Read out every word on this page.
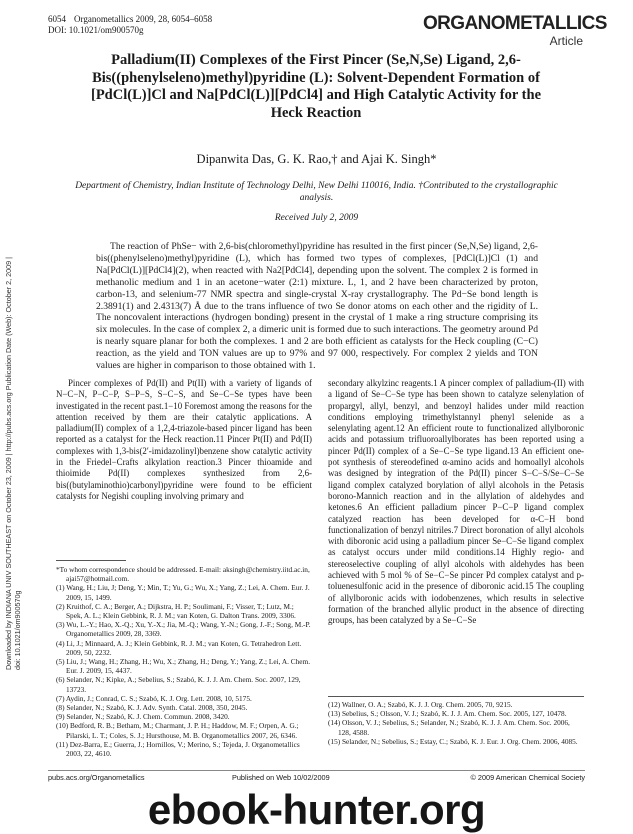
6054 Organometallics 2009, 28, 6054–6058
DOI: 10.1021/om900570g	ORGANOMETALLICS
Article
Palladium(II) Complexes of the First Pincer (Se,N,Se) Ligand, 2,6-Bis((phenylseleno)methyl)pyridine (L): Solvent-Dependent Formation of [PdCl(L)]Cl and Na[PdCl(L)][PdCl4] and High Catalytic Activity for the Heck Reaction
Dipanwita Das, G. K. Rao,† and Ajai K. Singh*
Department of Chemistry, Indian Institute of Technology Delhi, New Delhi 110016, India. †Contributed to the crystallographic analysis.
Received July 2, 2009
The reaction of PhSe− with 2,6-bis(chloromethyl)pyridine has resulted in the first pincer (Se,N,Se) ligand, 2,6-bis((phenylseleno)methyl)pyridine (L), which has formed two types of complexes, [PdCl(L)]Cl (1) and Na[PdCl(L)][PdCl4](2), when reacted with Na2[PdCl4], depending upon the solvent. The complex 2 is formed in methanolic medium and 1 in an acetone−water (2:1) mixture. L, 1, and 2 have been characterized by proton, carbon-13, and selenium-77 NMR spectra and single-crystal X-ray crystallography. The Pd−Se bond length is 2.3891(1) and 2.4313(7) Å due to the trans influence of two Se donor atoms on each other and the rigidity of L. The noncovalent interactions (hydrogen bonding) present in the crystal of 1 make a ring structure comprising its six molecules. In the case of complex 2, a dimeric unit is formed due to such interactions. The geometry around Pd is nearly square planar for both the complexes. 1 and 2 are both efficient as catalysts for the Heck coupling (C−C) reaction, as the yield and TON values are up to 97% and 97 000, respectively. For complex 2 yields and TON values are higher in comparison to those obtained with 1.
Downloaded by INDIANA UNIV SOUTHEAST on October 23, 2009 | http://pubs.acs.org Publication Date (Web): October 2, 2009 | doi: 10.1021/om900570g
Pincer complexes of Pd(II) and Pt(II) with a variety of ligands of N−C−N, P−C−P, S−P−S, S−C−S, and Se−C−Se types have been investigated in the recent past.1−10 Foremost among the reasons for the attention received by them are their catalytic applications. A palladium(II) complex of a 1,2,4-triazole-based pincer ligand has been reported as a catalyst for the Heck reaction.11 Pincer Pt(II) and Pd(II) complexes with 1,3-bis(2′-imidazolinyl)benzene show catalytic activity in the Friedel−Crafts alkylation reaction.3 Pincer thioamide and thioimide Pd(II) complexes synthesized from 2,6-bis((butylaminothio)carbonyl)pyridine were found to be efficient catalysts for Negishi coupling involving primary and
secondary alkylzinc reagents.1 A pincer complex of palladium-(II) with a ligand of Se−C−Se type has been shown to catalyze selenylation of propargyl, allyl, benzyl, and benzoyl halides under mild reaction conditions employing trimethylstannyl phenyl selenide as a selenylating agent.12 An efficient route to functionalized allylboronic acids and potassium trifluoroallylborates has been reported using a pincer Pd(II) complex of a Se−C−Se type ligand.13 An efficient one-pot synthesis of stereodefined α-amino acids and homoallyl alcohols was designed by integration of the Pd(II) pincer S−C−S/Se−C−Se ligand complex catalyzed borylation of allyl alcohols in the Petasis borono-Mannich reaction and in the allylation of aldehydes and ketones.6 An efficient palladium pincer P−C−P ligand complex catalyzed reaction has been developed for α-C−H bond functionalization of benzyl nitriles.7 Direct boronation of allyl alcohols with diboronic acid using a palladium pincer Se−C−Se ligand complex as catalyst occurs under mild conditions.14 Highly regio- and stereoselective coupling of allyl alcohols with aldehydes has been achieved with 5 mol % of Se−C−Se pincer Pd complex catalyst and p-toluenesulfonic acid in the presence of diboronic acid.15 The coupling of allylboronic acids with iodobenzenes, which results in selective formation of the branched allylic product in the absence of directing groups, has been catalyzed by a Se−C−Se
*To whom correspondence should be addressed. E-mail: aksingh@chemistry.iitd.ac.in, ajai57@hotmail.com.
(1) Wang, H.; Liu, J; Deng, Y.; Min, T.; Yu, G.; Wu, X.; Yang, Z.; Lei, A. Chem. Eur. J. 2009, 15, 1499.
(2) Kruithof, C. A.; Berger, A.; Dijkstra, H. P.; Soulimani, F.; Visser, T.; Lutz, M.; Spek, A. L.; Klein Gebbink, R. J. M.; van Koten, G. Dalton Trans. 2009, 3306.
(3) Wu, L.-Y.; Hao, X.-Q.; Xu, Y.-X.; Jia, M.-Q.; Wang, Y.-N.; Gong, J.-F.; Song, M.-P. Organometallics 2009, 28, 3369.
(4) Li, J.; Minnaard, A. J.; Klein Gebbink, R. J. M.; van Koten, G. Tetrahedron Lett. 2009, 50, 2232.
(5) Liu, J.; Wang, H.; Zhang, H.; Wu, X.; Zhang, H.; Deng, Y.; Yang, Z.; Lei, A. Chem. Eur. J. 2009, 15, 4437.
(6) Selander, N.; Kipke, A.; Sebelius, S.; Szabó, K. J. J. Am. Chem. Soc. 2007, 129, 13723.
(7) Aydin, J.; Conrad, C. S.; Szabó, K. J. Org. Lett. 2008, 10, 5175.
(8) Selander, N.; Szabó, K. J. Adv. Synth. Catal. 2008, 350, 2045.
(9) Selander, N.; Szabó, K. J. Chem. Commun. 2008, 3420.
(10) Bedford, R. B.; Betham, M.; Charmant, J. P. H.; Haddow, M. F.; Orpen, A. G.; Pilarski, L. T.; Coles, S. J.; Hursthouse, M. B. Organometallics 2007, 26, 6346.
(11) Dez-Barra, E.; Guerra, J.; Hornillos, V.; Merino, S.; Tejeda, J. Organometallics 2003, 22, 4610.
(12) Wallner, O. A.; Szabó, K. J. J. Org. Chem. 2005, 70, 9215.
(13) Sebelius, S.; Olsson, V. J.; Szabó, K. J. J. Am. Chem. Soc. 2005, 127, 10478.
(14) Olsson, V. J.; Sebelius, S.; Selander, N.; Szabó, K. J. J. Am. Chem. Soc. 2006, 128, 4588.
(15) Selander, N.; Sebelius, S.; Estay, C.; Szabó, K. J. Eur. J. Org. Chem. 2006, 4085.
pubs.acs.org/Organometallics	Published on Web 10/02/2009	© 2009 American Chemical Society
ebook-hunter.org
